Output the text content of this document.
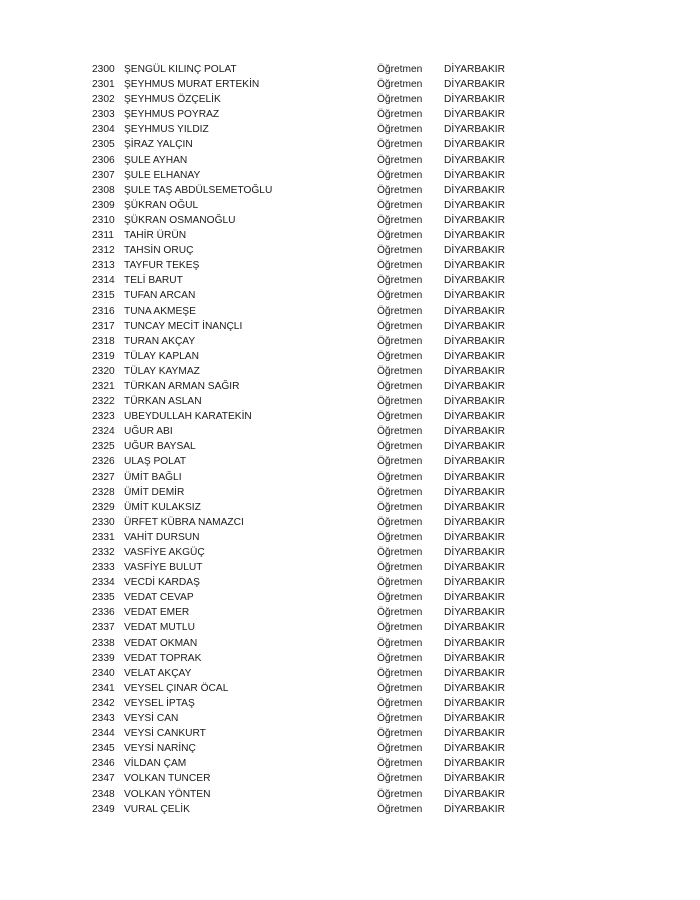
2300 ŞENGÜL KILINÇ POLAT	Öğretmen	DİYARBAKIR
2301 ŞEYHMUS MURAT ERTEKİN	Öğretmen	DİYARBAKIR
2302 ŞEYHMUS ÖZÇELİK	Öğretmen	DİYARBAKIR
2303 ŞEYHMUS POYRAZ	Öğretmen	DİYARBAKIR
2304 ŞEYHMUS YILDIZ	Öğretmen	DİYARBAKIR
2305 ŞİRAZ YALÇIN	Öğretmen	DİYARBAKIR
2306 ŞULE AYHAN	Öğretmen	DİYARBAKIR
2307 ŞULE ELHANAY	Öğretmen	DİYARBAKIR
2308 ŞULE TAŞ ABDÜLSEMETOĞLU	Öğretmen	DİYARBAKIR
2309 ŞÜKRAN OĞUL	Öğretmen	DİYARBAKIR
2310 ŞÜKRAN OSMANOĞLU	Öğretmen	DİYARBAKIR
2311 TAHİR ÜRÜN	Öğretmen	DİYARBAKIR
2312 TAHSİN ORUÇ	Öğretmen	DİYARBAKIR
2313 TAYFUR TEKEŞ	Öğretmen	DİYARBAKIR
2314 TELİ BARUT	Öğretmen	DİYARBAKIR
2315 TUFAN ARCAN	Öğretmen	DİYARBAKIR
2316 TUNA AKMEŞE	Öğretmen	DİYARBAKIR
2317 TUNCAY MECİT İNANÇLI	Öğretmen	DİYARBAKIR
2318 TURAN AKÇAY	Öğretmen	DİYARBAKIR
2319 TÜLAY KAPLAN	Öğretmen	DİYARBAKIR
2320 TÜLAY KAYMAZ	Öğretmen	DİYARBAKIR
2321 TÜRKAN ARMAN SAĞIR	Öğretmen	DİYARBAKIR
2322 TÜRKAN ASLAN	Öğretmen	DİYARBAKIR
2323 UBEYDULLAH KARATEKİN	Öğretmen	DİYARBAKIR
2324 UĞUR ABI	Öğretmen	DİYARBAKIR
2325 UĞUR BAYSAL	Öğretmen	DİYARBAKIR
2326 ULAŞ POLAT	Öğretmen	DİYARBAKIR
2327 ÜMİT BAĞLI	Öğretmen	DİYARBAKIR
2328 ÜMİT DEMİR	Öğretmen	DİYARBAKIR
2329 ÜMİT KULAKSIZ	Öğretmen	DİYARBAKIR
2330 ÜRFET KÜBRA NAMAZCI	Öğretmen	DİYARBAKIR
2331 VAHİT DURSUN	Öğretmen	DİYARBAKIR
2332 VASFİYE AKGÜÇ	Öğretmen	DİYARBAKIR
2333 VASFİYE BULUT	Öğretmen	DİYARBAKIR
2334 VECDİ KARDAŞ	Öğretmen	DİYARBAKIR
2335 VEDAT CEVAP	Öğretmen	DİYARBAKIR
2336 VEDAT EMER	Öğretmen	DİYARBAKIR
2337 VEDAT MUTLU	Öğretmen	DİYARBAKIR
2338 VEDAT OKMAN	Öğretmen	DİYARBAKIR
2339 VEDAT TOPRAK	Öğretmen	DİYARBAKIR
2340 VELAT AKÇAY	Öğretmen	DİYARBAKIR
2341 VEYSEL ÇINAR ÖCAL	Öğretmen	DİYARBAKIR
2342 VEYSEL İPTAŞ	Öğretmen	DİYARBAKIR
2343 VEYSİ CAN	Öğretmen	DİYARBAKIR
2344 VEYSİ CANKURT	Öğretmen	DİYARBAKIR
2345 VEYSİ NARİNÇ	Öğretmen	DİYARBAKIR
2346 VİLDAN ÇAM	Öğretmen	DİYARBAKIR
2347 VOLKAN TUNCER	Öğretmen	DİYARBAKIR
2348 VOLKAN YÖNTEN	Öğretmen	DİYARBAKIR
2349 VURAL ÇELİK	Öğretmen	DİYARBAKIR
